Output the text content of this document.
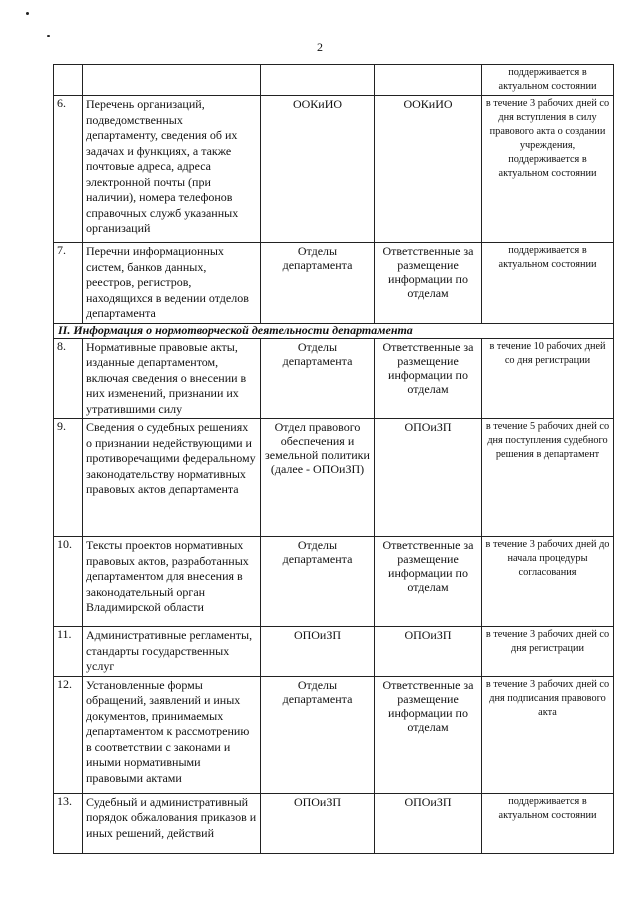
2
				поддерживается в актуальном состоянии
6.	Перечень организаций, подведомственных департаменту, сведения об их задачах и функциях, а также почтовые адреса, адреса электронной почты (при наличии), номера телефонов справочных служб указанных организаций	ООКиИО	ООКиИО	в течение 3 рабочих дней со дня вступления в силу правового акта о создании учреждения, поддерживается в актуальном состоянии
7.	Перечни информационных систем, банков данных, реестров, регистров, находящихся в ведении отделов департамента	Отделы департамента	Ответственные за размещение информации по отделам	поддерживается в актуальном состоянии
II. Информация о нормотворческой деятельности департамента				
8.	Нормативные правовые акты, изданные департаментом, включая сведения о внесении в них изменений, признании их утратившими силу	Отделы департамента	Ответственные за размещение информации по отделам	в течение 10 рабочих дней со дня регистрации
9.	Сведения о судебных решениях о признании недействующими и противоречащими федеральному законодательству нормативных правовых актов департамента	Отдел правового обеспечения и земельной политики (далее - ОПОиЗП)	ОПОиЗП	в течение 5 рабочих дней со дня поступления судебного решения в департамент
10.	Тексты проектов нормативных правовых актов, разработанных департаментом для внесения в законодательный орган Владимирской области	Отделы департамента	Ответственные за размещение информации по отделам	в течение 3 рабочих дней до начала процедуры согласования
11.	Административные регламенты, стандарты государственных услуг	ОПОиЗП	ОПОиЗП	в течение 3 рабочих дней со дня регистрации
12.	Установленные формы обращений, заявлений и иных документов, принимаемых департаментом к рассмотрению в соответствии с законами и иными нормативными правовыми актами	Отделы департамента	Ответственные за размещение информации по отделам	в течение 3 рабочих дней со дня подписания правового акта
13.	Судебный и административный порядок обжалования приказов и иных решений, действий	ОПОиЗП	ОПОиЗП	поддерживается в актуальном состоянии
